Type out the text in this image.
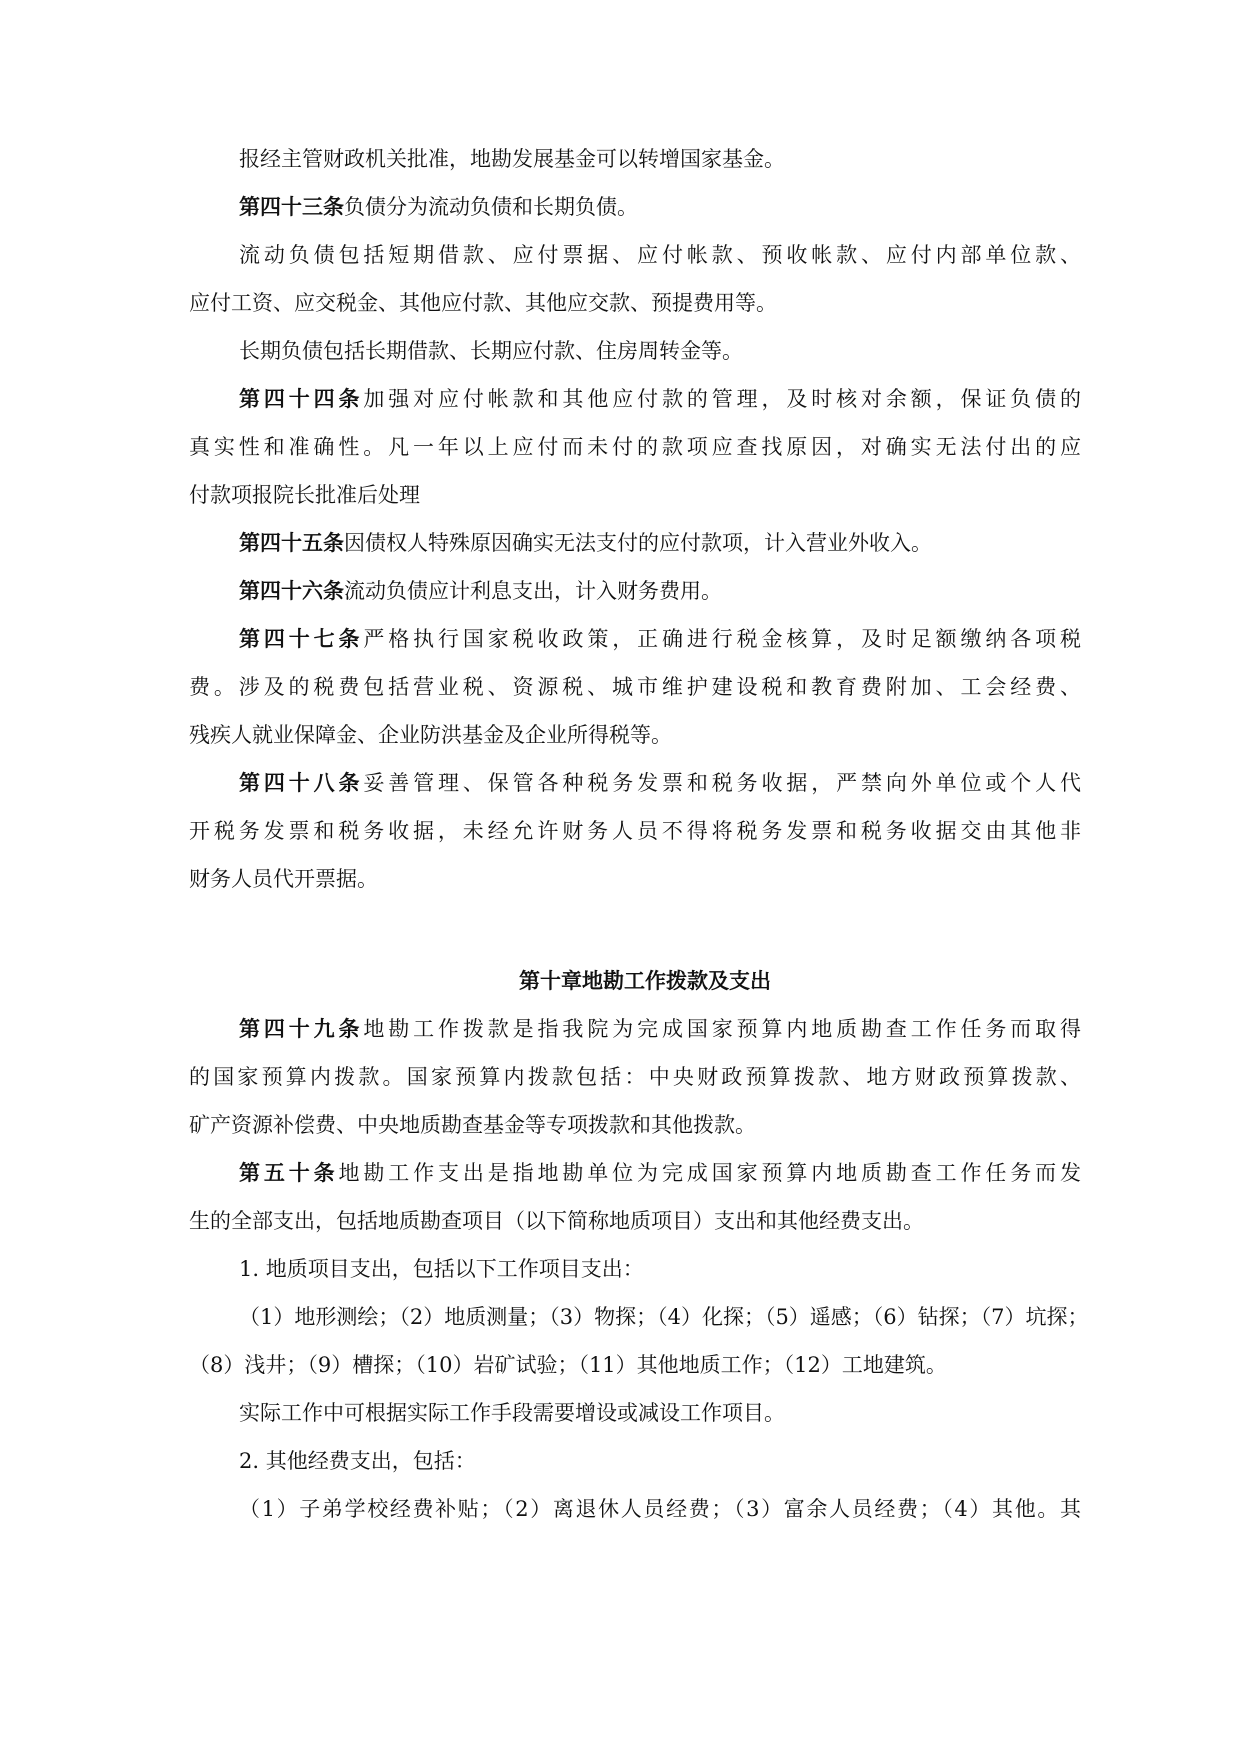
报经主管财政机关批准，地勘发展基金可以转增国家基金。
第四十三条负债分为流动负债和长期负债。
流动负债包括短期借款、应付票据、应付帐款、预收帐款、应付内部单位款、
应付工资、应交税金、其他应付款、其他应交款、预提费用等。
长期负债包括长期借款、长期应付款、住房周转金等。
第四十四条加强对应付帐款和其他应付款的管理，及时核对余额，保证负债的
真实性和准确性。凡一年以上应付而未付的款项应查找原因，对确实无法付出的应
付款项报院长批准后处理
第四十五条因债权人特殊原因确实无法支付的应付款项，计入营业外收入。
第四十六条流动负债应计利息支出，计入财务费用。
第四十七条严格执行国家税收政策，正确进行税金核算，及时足额缴纳各项税
费。涉及的税费包括营业税、资源税、城市维护建设税和教育费附加、工会经费、
残疾人就业保障金、企业防洪基金及企业所得税等。
第四十八条妥善管理、保管各种税务发票和税务收据，严禁向外单位或个人代
开税务发票和税务收据，未经允许财务人员不得将税务发票和税务收据交由其他非
财务人员代开票据。
第十章地勘工作拨款及支出
第四十九条地勘工作拨款是指我院为完成国家预算内地质勘查工作任务而取得
的国家预算内拨款。国家预算内拨款包括：中央财政预算拨款、地方财政预算拨款、
矿产资源补偿费、中央地质勘查基金等专项拨款和其他拨款。
第五十条地勘工作支出是指地勘单位为完成国家预算内地质勘查工作任务而发
生的全部支出，包括地质勘查项目（以下简称地质项目）支出和其他经费支出。
1. 地质项目支出，包括以下工作项目支出：
（1）地形测绘；（2）地质测量；（3）物探；（4）化探；（5）遥感；（6）钻探；（7）坑探；
（8）浅井；（9）槽探；（10）岩矿试验；（11）其他地质工作；（12）工地建筑。
实际工作中可根据实际工作手段需要增设或减设工作项目。
2. 其他经费支出，包括：
（1）子弟学校经费补贴；（2）离退休人员经费；（3）富余人员经费；（4）其他。其
